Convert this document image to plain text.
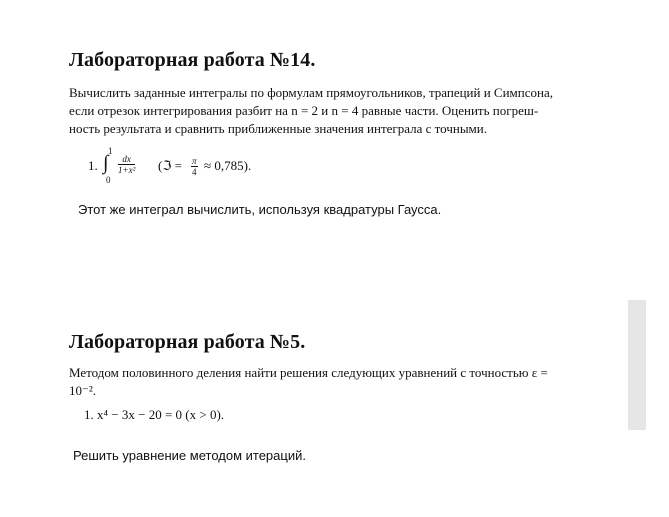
Лабораторная работа №14.
Вычислить заданные интегралы по формулам прямоугольников, трапеций и Симпсона,
если отрезок интегрирования разбит на n = 2 и n = 4 равные части. Оценить погреш-
ность результата и сравнить приближенные значения интеграла с точными.
1.
1
∫
0
$\frac{dx}{\text{1+x²}}$ (ℑ = $\frac{\pi}{4} \approx 0,785$).
Этот же интеграл вычислить, используя квадратуры Гаусса.
Лабораторная работа №5.
Методом половинного деления найти решения следующих уравнений с точностью ε =
10⁻².
1. x⁴ − 3x − 20 = 0 (x > 0).
Решить уравнение методом итераций.
